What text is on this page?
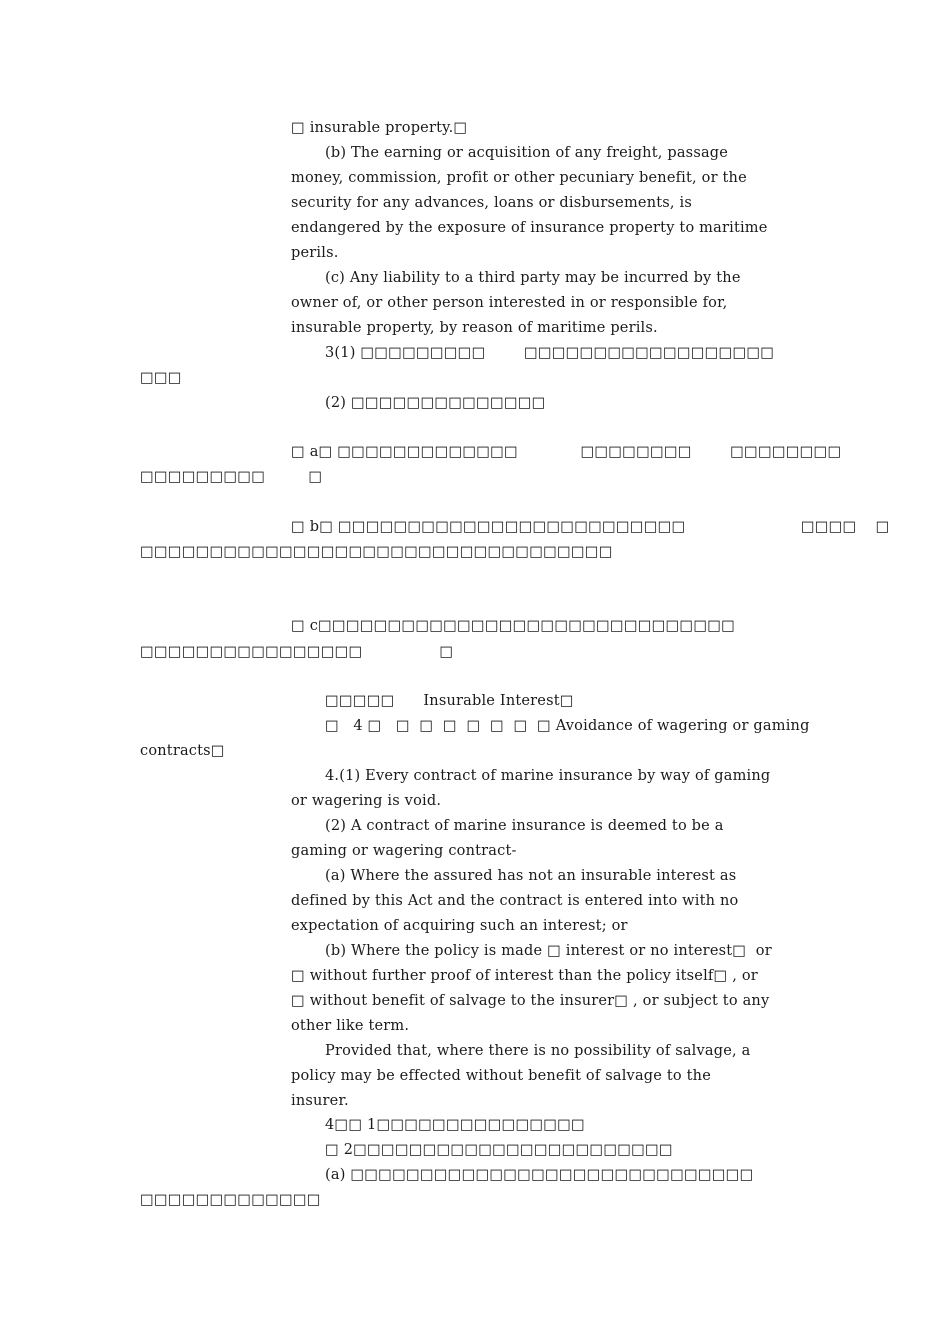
□ insurable property.□
(b) The earning or acquisition of any freight, passage
money, commission, profit or other pecuniary benefit, or the
security for any advances, loans or disbursements, is
endangered by the exposure of insurance property to maritime
perils.
(c) Any liability to a third party may be incurred by the
owner of, or other person interested in or responsible for,
insurable property, by reason of maritime perils.
3(1) □□□□□□□□□        □□□□□□□□□□□□□□□□□□
□□□
(2) □□□□□□□□□□□□□□
□ a□ □□□□□□□□□□□□□             □□□□□□□□        □□□□□□□□
□□□□□□□□□         □
□ b□ □□□□□□□□□□□□□□□□□□□□□□□□□                        □□□□    □
□□□□□□□□□□□□□□□□□□□□□□□□□□□□□□□□□□
□ c□□□□□□□□□□□□□□□□□□□□□□□□□□□□□□
□□□□□□□□□□□□□□□□                □
□□□□□      Insurable Interest□
□   4 □   □  □  □  □  □  □  □ Avoidance of wagering or gaming
contracts□
4.(1) Every contract of marine insurance by way of gaming
or wagering is void.
(2) A contract of marine insurance is deemed to be a
gaming or wagering contract-
(a) Where the assured has not an insurable interest as
defined by this Act and the contract is entered into with no
expectation of acquiring such an interest; or
(b) Where the policy is made □ interest or no interest□  or
□ without further proof of interest than the policy itself□ , or
□ without benefit of salvage to the insurer□ , or subject to any
other like term.
Provided that, where there is no possibility of salvage, a
policy may be effected without benefit of salvage to the
insurer.
4□□ 1□□□□□□□□□□□□□□□
□ 2□□□□□□□□□□□□□□□□□□□□□□□
(a) □□□□□□□□□□□□□□□□□□□□□□□□□□□□□
□□□□□□□□□□□□□
